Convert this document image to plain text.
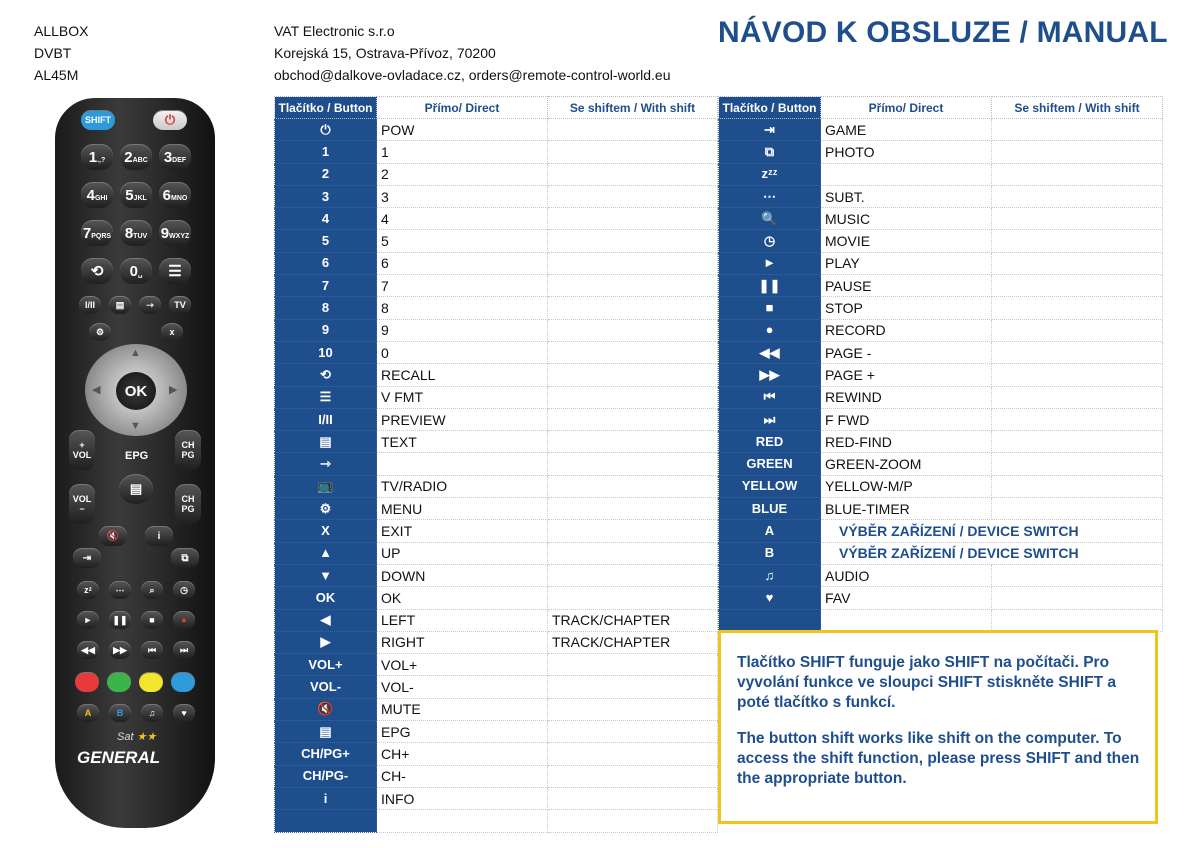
ALLBOX
DVBT
AL45M
VAT Electronic s.r.o
Korejská 15, Ostrava-Přívoz, 70200
obchod@dalkove-ovladace.cz, orders@remote-control-world.eu
NÁVOD K OBSLUZE / MANUAL
SHIFT	⏻
1 .,? 2 ABC 3 DEF
4 GHI 5 JKL 6 MNO
7 PQRS 8 TUV 9 WXYZ
0 ␣
⟲	☰
I/II	▤	⇾	TV
⚙	x
▲
▼
◀	▶
OK
+ VOL
VOL −
CH PG
CH PG
EPG
▤
🔇	i
⇥	⧉
zᶻ	⋯	⌕	◷
►	❚❚	■	●
◀◀	▶▶	⏮	⏭
A	B	♫	♥
Sat ★★
GENERAL
Tlačítko / Button	Přímo/ Direct	Se shiftem / With shift
⏻	POW	
1	1	
2	2	
3	3	
4	4	
5	5	
6	6	
7	7	
8	8	
9	9	
10	0	
⟲	RECALL	
☰	V FMT	
I/II	PREVIEW	
▤	TEXT	
⇾		
📺	TV/RADIO	
⚙	MENU	
X	EXIT	
▲	UP	
▼	DOWN	
OK	OK	
◀	LEFT	TRACK/CHAPTER
▶	RIGHT	TRACK/CHAPTER
VOL+	VOL+	
VOL-	VOL-	
🔇	MUTE	
▤	EPG	
CH/PG+	CH+	
CH/PG-	CH-	
i	INFO	

Tlačítko / Button	Přímo/ Direct	Se shiftem / With shift
⇥	GAME	
⧉	PHOTO	
zᶻᶻ		
⋯	SUBT.	
🔍	MUSIC	
◷	MOVIE	
►	PLAY	
❚❚	PAUSE	
■	STOP	
●	RECORD	
◀◀	PAGE -	
▶▶	PAGE +	
⏮	REWIND	
⏭	F FWD	
RED	RED-FIND	
GREEN	GREEN-ZOOM	
YELLOW	YELLOW-M/P	
BLUE	BLUE-TIMER	
A	VÝBĚR ZAŘÍZENÍ / DEVICE SWITCH	
B	VÝBĚR ZAŘÍZENÍ / DEVICE SWITCH	
♫	AUDIO	
♥	FAV	

Tlačítko SHIFT funguje jako SHIFT na počítači. Pro vyvolání funkce ve sloupci SHIFT stiskněte SHIFT a poté tlačítko s funkcí.

The button shift works like shift on the computer. To access the shift function, please press SHIFT and then the appropriate button.
